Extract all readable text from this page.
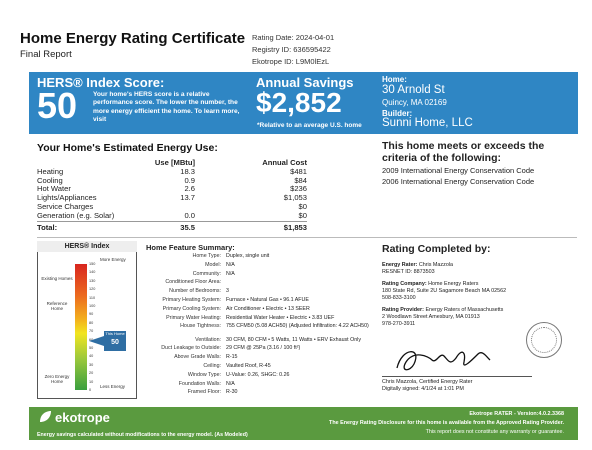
Home Energy Rating Certificate
Final Report
Rating Date: 2024-04-01
Registry ID: 636595422
Ekotrope ID: L9M0lEzL
HERS® Index Score:
50 Your home's HERS score is a relative performance score. The lower the number, the more energy efficient the home. To learn more, visit
Annual Savings
$2,852
*Relative to an average U.S. home
Home:
30 Arnold St
Quincy, MA 02169
Builder:
Sunni Home, LLC
Your Home's Estimated Energy Use:
	Use [MBtu]	Annual Cost
Heating	18.3	$481
Cooling	0.9	$84
Hot Water	2.6	$236
Lights/Appliances	13.7	$1,053
Service Charges		$0
Generation (e.g. Solar)	0.0	$0
Total:	35.5	$1,853
This home meets or exceeds the criteria of the following:
2009 International Energy Conservation Code
2006 International Energy Conservation Code
HERS® Index
More Energy
Less Energy
Existing Homes
Reference Home
Zero Energy Home
150
140
130
120
110
100
90
80
70
60
50
40
30
20
10
0
This Home
50
Home Feature Summary:
Home Type: Duplex, single unit
Model: N/A
Community: N/A
Conditioned Floor Area:
Number of Bedrooms: 3
Primary Heating System: Furnace • Natural Gas • 96.1 AFUE
Primary Cooling System: Air Conditioner • Electric • 13 SEER
Primary Water Heating: Residential Water Heater • Electric • 3.83 UEF
House Tightness: 755 CFM50 (5.08 ACH50) (Adjusted Infiltration: 4.22 ACH50)
Ventilation: 30 CFM, 80 CFM • 5 Watts, 11 Watts • ERV Exhaust Only
Duct Leakage to Outside: 29 CFM @ 25Pa (3.16 / 100 ft²)
Above Grade Walls: R-15
Ceiling: Vaulted Roof, R-45
Window Type: U-Value: 0.26, SHGC: 0.26
Foundation Walls: N/A
Framed Floor: R-30
Rating Completed by:
Energy Rater: Chris Mazzola
RESNET ID: 8873503
Rating Company: Home Energy Raters
180 State Rd, Suite 2U Sagamore Beach MA 02562
508-833-3100
Rating Provider: Energy Raters of Massachusetts
2 Woodlawn Street Amesbury, MA 01913
978-270-3911
Chris Mazzola, Certified Energy Rater
Digitally signed: 4/1/24 at 1:01 PM
ekotrope
Energy savings calculated without modifications to the energy model. (As Modeled)
Ekotrope RATER - Version:4.0.2.3368
The Energy Rating Disclosure for this home is available from the Approved Rating Provider.
This report does not constitute any warranty or guarantee.
